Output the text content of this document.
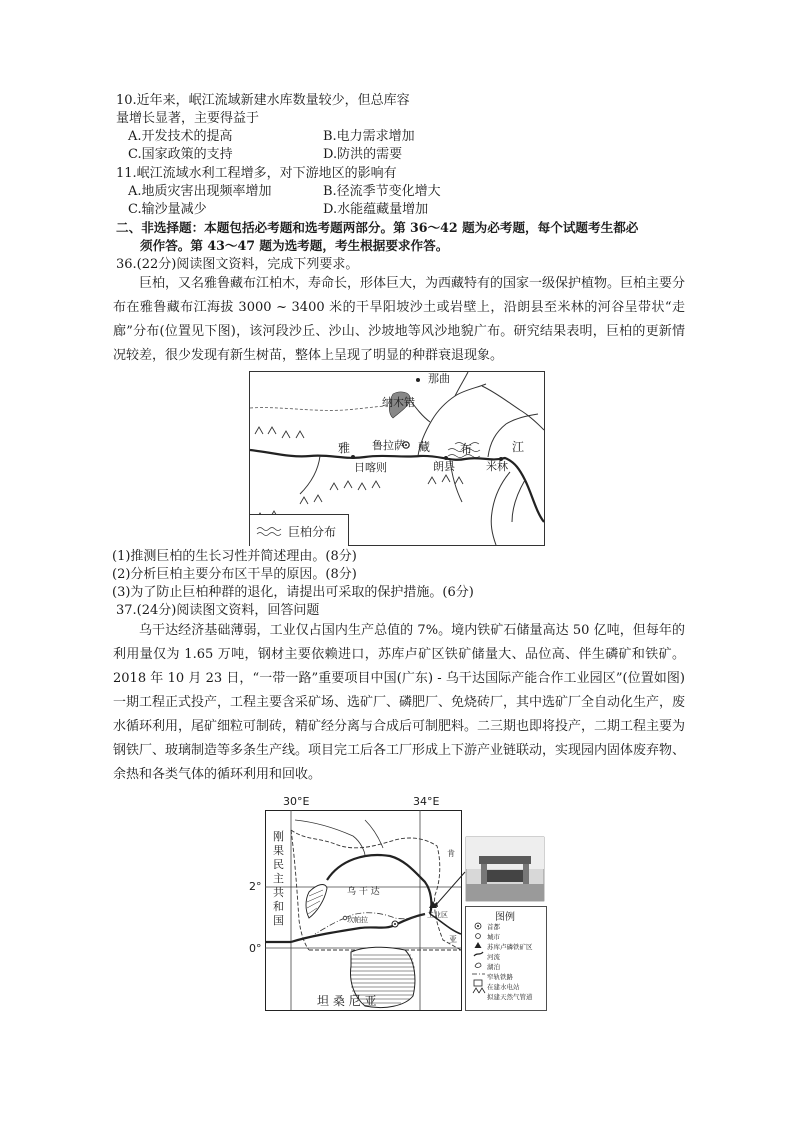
10.近年来，岷江流域新建水库数量较少，但总库容
量增长显著，主要得益于
A.开发技术的提高	B.电力需求增加
C.国家政策的支持	D.防洪的需要
11.岷江流域水利工程增多，对下游地区的影响有
A.地质灾害出现频率增加	B.径流季节变化增大
C.输沙量减少	D.水能蕴藏量增加
二、非选择题：本题包括必考题和选考题两部分。第 36～42 题为必考题，每个试题考生都必
须作答。第 43～47 题为选考题，考生根据要求作答。
36.(22分)阅读图文资料，完成下列要求。

巨柏，又名雅鲁藏布江柏木，寿命长，形体巨大，为西藏特有的国家一级保护植物。巨柏主要分布在雅鲁藏布江海拔 3000 ~ 3400 米的干旱阳坡沙土或岩壁上，沿朗县至米林的河谷呈带状“走廊”分布(位置见下图)，该河段沙丘、沙山、沙坡地等风沙地貌广布。研究结果表明，巨柏的更新情况较差，很少发现有新生树苗，整体上呈现了明显的种群衰退现象。

那曲
纳木错
鲁拉萨
雅
日喀则
藏
朗县
布	江
米林
巨柏分布
(1)推测巨柏的生长习性并简述理由。(8分)
(2)分析巨柏主要分布区干旱的原因。(8分)
(3)为了防止巨柏种群的退化，请提出可采取的保护措施。(6分)
37.(24分)阅读图文资料，回答问题

乌干达经济基础薄弱，工业仅占国内生产总值的 7%。境内铁矿石储量高达 50 亿吨，但每年的利用量仅为 1.65 万吨，钢材主要依赖进口，苏库卢矿区铁矿储量大、品位高、伴生磷矿和铁矿。2018 年 10 月 23 日，“一带一路”重要项目中国(广东) - 乌干达国际产能合作工业园区”(位置如图)一期工程正式投产，工程主要含采矿场、选矿厂、磷肥厂、免烧砖厂，其中选矿厂全自动化生产，废水循环利用，尾矿细粒可制砖，精矿经分离与合成后可制肥料。二三期也即将投产，二期工程主要为钢铁厂、玻璃制造等多条生产线。项目完工后各工厂形成上下游产业链联动，实现园内固体废弃物、余热和各类气体的循环利用和回收。

30°E	34°E
2°
0°
刚果民主共和国
乌 干 达
坎帕拉
工业区
肯
亚
坦 桑 尼 亚
图例
首都
城市
苏库卢磷铁矿区
河流
湖泊
窄轨铁路
在建水电站
拟建天然气管道
